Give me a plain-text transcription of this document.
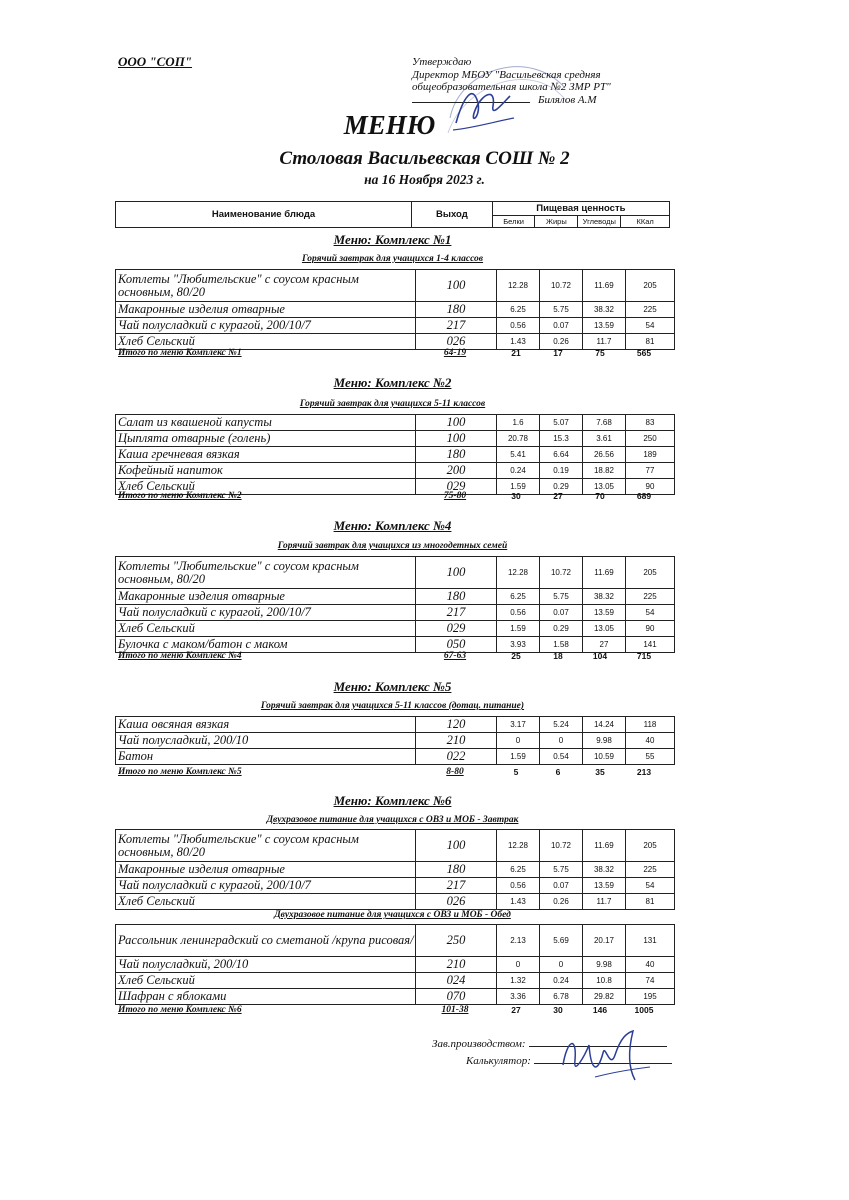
ООО "СОП"	Утверждаю
Директор МБОУ "Васильевская средняя
общеобразовательная школа №2 ЗМР РТ"
Билялов А.М
МЕНЮ
Столовая Васильевская СОШ № 2
на 16 Ноября 2023 г.
Наименование блюда	Выход	Пищевая ценность			
		Белки	Жиры	Углеводы	ККал
Меню: Комплекс №1
Горячий завтрак для учащихся 1-4 классов
Котлеты "Любительские" с соусом красным основным, 80/20	100	12.28	10.72	11.69	205
Макаронные изделия отварные	180	6.25	5.75	38.32	225
Чай полусладкий с курагой, 200/10/7	217	0.56	0.07	13.59	54
Хлеб Сельский	026	1.43	0.26	11.7	81
Итого по меню Комплекс №1	64-19	21	17	75	565
Меню: Комплекс №2
Горячий завтрак для учащихся 5-11 классов
Салат из квашеной капусты	100	1.6	5.07	7.68	83
Цыплята отварные (голень)	100	20.78	15.3	3.61	250
Каша гречневая вязкая	180	5.41	6.64	26.56	189
Кофейный напиток	200	0.24	0.19	18.82	77
Хлеб Сельский	029	1.59	0.29	13.05	90
Итого по меню Комплекс №2	75-80	30	27	70	689
Меню: Комплекс №4
Горячий завтрак для учащихся из многодетных семей
Котлеты "Любительские" с соусом красным основным, 80/20	100	12.28	10.72	11.69	205
Макаронные изделия отварные	180	6.25	5.75	38.32	225
Чай полусладкий с курагой, 200/10/7	217	0.56	0.07	13.59	54
Хлеб Сельский	029	1.59	0.29	13.05	90
Булочка с маком/батон с маком	050	3.93	1.58	27	141
Итого по меню Комплекс №4	67-63	25	18	104	715
Меню: Комплекс №5
Горячий завтрак для учащихся 5-11 классов (дотац. питание)
Каша овсяная вязкая	120	3.17	5.24	14.24	118
Чай полусладкий, 200/10	210	0	0	9.98	40
Батон	022	1.59	0.54	10.59	55
Итого по меню Комплекс №5	8-80	5	6	35	213
Меню: Комплекс №6
Двухразовое питание для учащихся с ОВЗ и МОБ - Завтрак
Котлеты "Любительские" с соусом красным основным, 80/20	100	12.28	10.72	11.69	205
Макаронные изделия отварные	180	6.25	5.75	38.32	225
Чай полусладкий с курагой, 200/10/7	217	0.56	0.07	13.59	54
Хлеб Сельский	026	1.43	0.26	11.7	81
Двухразовое питание для учащихся с ОВЗ и МОБ - Обед
Рассольник ленинградский со сметаной /крупа рисовая/	250	2.13	5.69	20.17	131
Чай полусладкий, 200/10	210	0	0	9.98	40
Хлеб Сельский	024	1.32	0.24	10.8	74
Шафран с яблоками	070	3.36	6.78	29.82	195
Итого по меню Комплекс №6	101-38	27	30	146	1005
Зав.производством:
Калькулятор:
